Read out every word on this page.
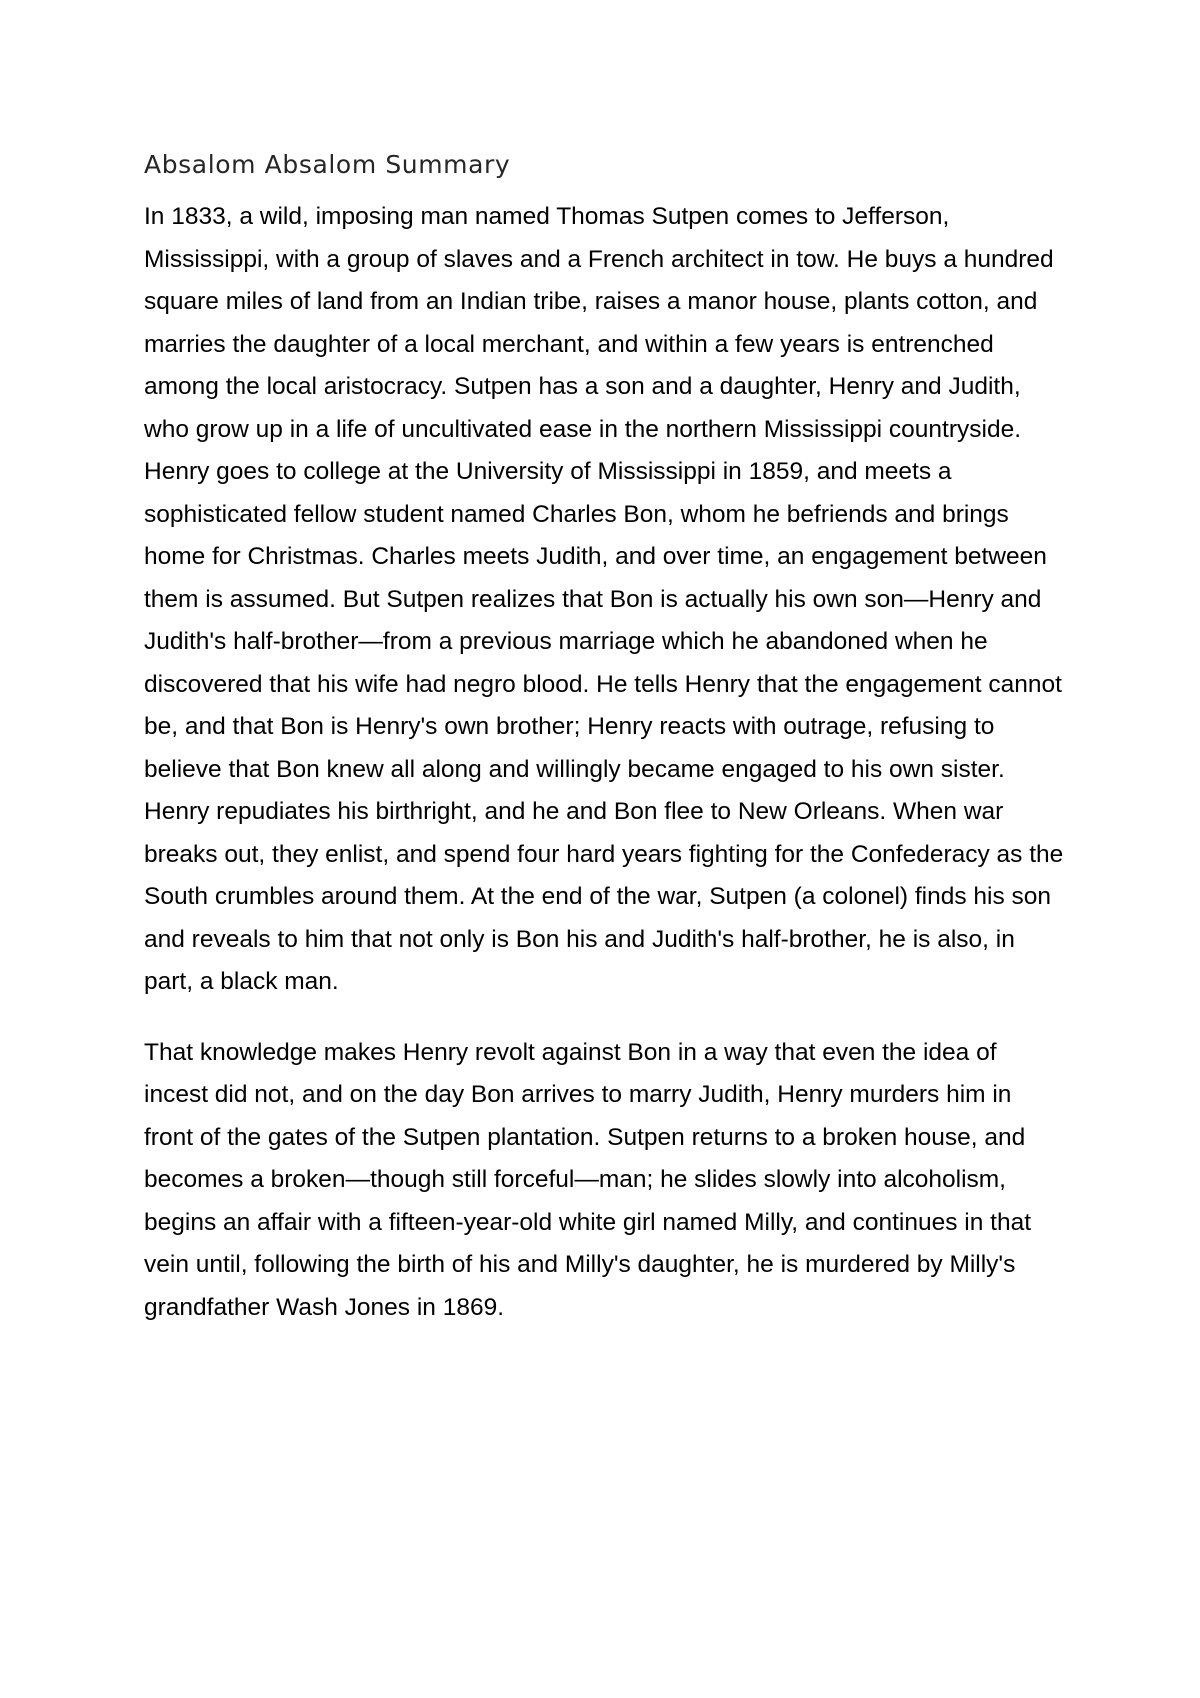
Absalom Absalom Summary

In 1833, a wild, imposing man named Thomas Sutpen comes to Jefferson, Mississippi, with a group of slaves and a French architect in tow. He buys a hundred square miles of land from an Indian tribe, raises a manor house, plants cotton, and marries the daughter of a local merchant, and within a few years is entrenched among the local aristocracy. Sutpen has a son and a daughter, Henry and Judith, who grow up in a life of uncultivated ease in the northern Mississippi countryside. Henry goes to college at the University of Mississippi in 1859, and meets a sophisticated fellow student named Charles Bon, whom he befriends and brings home for Christmas. Charles meets Judith, and over time, an engagement between them is assumed. But Sutpen realizes that Bon is actually his own son—Henry and Judith's half-brother—from a previous marriage which he abandoned when he discovered that his wife had negro blood. He tells Henry that the engagement cannot be, and that Bon is Henry's own brother; Henry reacts with outrage, refusing to believe that Bon knew all along and willingly became engaged to his own sister. Henry repudiates his birthright, and he and Bon flee to New Orleans. When war breaks out, they enlist, and spend four hard years fighting for the Confederacy as the South crumbles around them. At the end of the war, Sutpen (a colonel) finds his son and reveals to him that not only is Bon his and Judith's half-brother, he is also, in part, a black man.

That knowledge makes Henry revolt against Bon in a way that even the idea of incest did not, and on the day Bon arrives to marry Judith, Henry murders him in front of the gates of the Sutpen plantation. Sutpen returns to a broken house, and becomes a broken—though still forceful—man; he slides slowly into alcoholism, begins an affair with a fifteen-year-old white girl named Milly, and continues in that vein until, following the birth of his and Milly's daughter, he is murdered by Milly's grandfather Wash Jones in 1869.
